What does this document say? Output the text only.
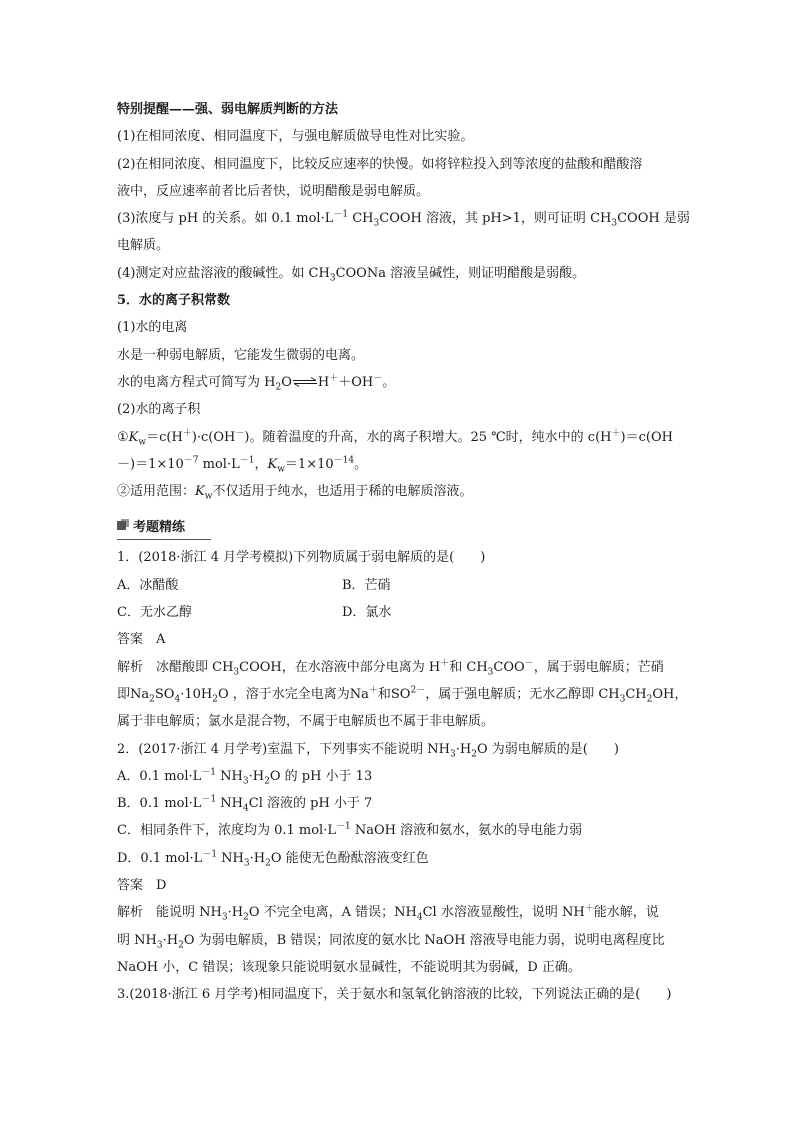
特别提醒——强、弱电解质判断的方法
(1)在相同浓度、相同温度下，与强电解质做导电性对比实验。
(2)在相同浓度、相同温度下，比较反应速率的快慢。如将锌粒投入到等浓度的盐酸和醋酸溶
液中，反应速率前者比后者快，说明醋酸是弱电解质。
(3)浓度与 pH 的关系。如 0.1 $mol\cdot L^{-1}$ $CH_3COOH$ 溶液，其 pH>1，则可证明 $CH_3COOH$ 是弱
电解质。
(4)测定对应盐溶液的酸碱性。如 $CH_3COONa$ 溶液呈碱性，则证明醋酸是弱酸。
5．水的离子积常数
(1)水的电离
水是一种弱电解质，它能发生微弱的电离。
水的电离方程式可简写为 $H_2O\rightleftharpoons H^++OH^-$。
(2)水的离子积
$①K_w=c(H^+)\cdot c(OH^-)$。随着温度的升高，水的离子积增大。25 ℃时，纯水中的 c(H＋)＝c(OH
$-)=1\times 10^{-7}$ $mol\cdot L^{-1}$，$K_w=1\times 10^{-14}$。
②适用范围：$K_w$不仅适用于纯水，也适用于稀的电解质溶液。
考题精练
1．(2018·浙江 4 月学考模拟)下列物质属于弱电解质的是(　　)
A．冰醋酸	B．芒硝
C．无水乙醇	D．氯水
答案　A
解析　冰醋酸即 $CH_3COOH$，在水溶液中部分电离为 H＋和 $CH_3COO^-$，属于弱电解质；芒硝
即$Na_2SO_4\cdot 10H_2O$ ，溶于水完全电离为Na＋和$SO^{2-}$，属于强电解质；无水乙醇即 $CH_3CH_2OH$，
属于非电解质；氯水是混合物，不属于电解质也不属于非电解质。
2．(2017·浙江 4 月学考)室温下，下列事实不能说明 $NH_3\cdot H_2O$ 为弱电解质的是(　　)
A．0.1 $mol\cdot L^{-1}$ $NH_3\cdot H_2O$ 的 pH 小于 13
B．0.1 $mol\cdot L^{-1}$ $NH_4Cl$ 溶液的 pH 小于 7
C．相同条件下，浓度均为 0.1 $mol\cdot L^{-1}$ NaOH 溶液和氨水，氨水的导电能力弱
D．0.1 $mol\cdot L^{-1}$ $NH_3\cdot H_2O$ 能使无色酚酞溶液变红色
答案　D
解析　能说明 $NH_3\cdot H_2O$ 不完全电离，A 错误；$NH_4Cl$ 水溶液显酸性，说明 NH＋能水解，说
明 $NH_3\cdot H_2O$ 为弱电解质，B 错误；同浓度的氨水比 NaOH 溶液导电能力弱，说明电离程度比
NaOH 小，C 错误；该现象只能说明氨水显碱性，不能说明其为弱碱，D 正确。
3.(2018·浙江 6 月学考)相同温度下，关于氨水和氢氧化钠溶液的比较，下列说法正确的是(　　)
